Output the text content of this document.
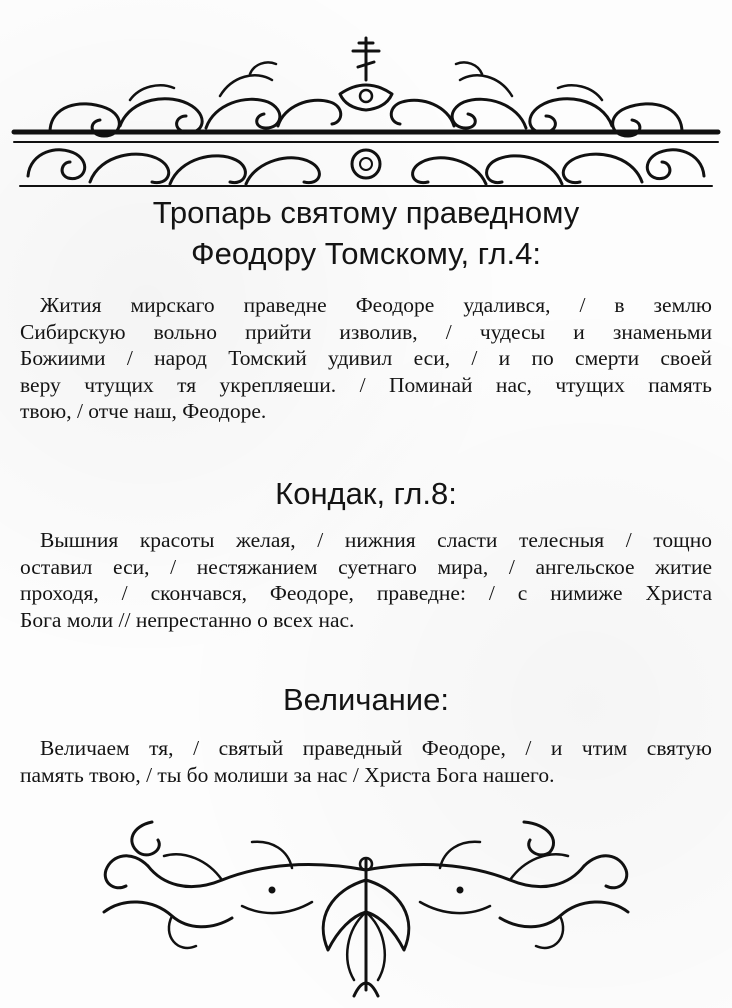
Тропарь святому праведному
Феодору Томскому, гл.4:

Жития мирскаго праведне Феодоре удалився, / в землю
Сибирскую вольно прийти изволив, / чудесы и знаменьми
Божиими / народ Томский удивил еси, / и по смерти своей
веру чтущих тя укрепляеши. / Поминай нас, чтущих память
твою, / отче наш, Феодоре.

Кондак, гл.8:

Вышния красоты желая, / нижния сласти телесныя / тощно
оставил еси, / нестяжанием суетнаго мира, / ангельское житие
проходя, / скончався, Феодоре, праведне: / с нимиже Христа
Бога моли // непрестанно о всех нас.

Величание:

Величаем тя, / святый праведный Феодоре, / и чтим святую
память твою, / ты бо молиши за нас / Христа Бога нашего.
